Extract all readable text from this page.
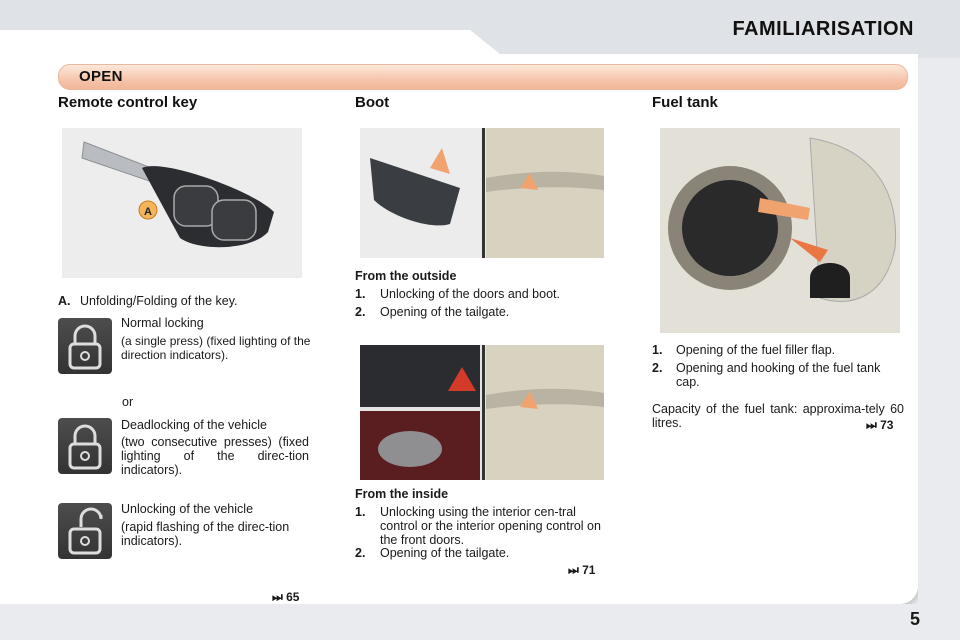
FAMILIARISATION
OPEN
Remote control key
A
A. Unfolding/Folding of the key.
Normal locking
(a single press) (fixed lighting of the direction indicators).
or
Deadlocking of the vehicle
(two consecutive presses) (fixed lighting of the direc-tion indicators).
Unlocking of the vehicle
(rapid flashing of the direc-tion indicators).
⏭ 65
Boot
From the outside
1. Unlocking of the doors and boot.
2. Opening of the tailgate.
From the inside
1. Unlocking using the interior cen-tral control or the interior opening control on the front doors.
2. Opening of the tailgate.
⏭ 71
Fuel tank
1. Opening of the fuel filler flap.
2. Opening and hooking of the fuel tank cap.
Capacity of the fuel tank: approxima-tely 60 litres.	⏭ 73
5
